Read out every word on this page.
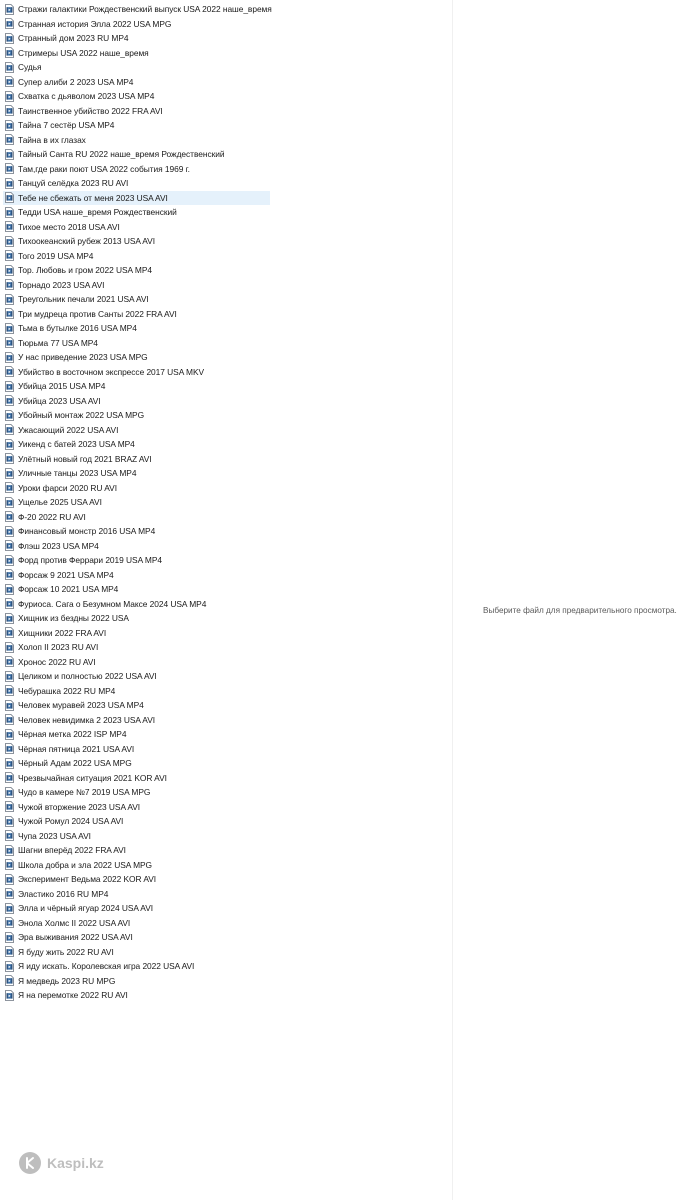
Стражи галактики Рождественский выпуск USA 2022 наше_время
Странная история Элла 2022 USA MPG
Странный дом 2023 RU MP4
Стримеры USA 2022 наше_время
Судья
Супер алиби 2 2023 USA MP4
Схватка с дьяволом 2023 USA MP4
Таинственное убийство 2022 FRA AVI
Тайна 7 сестёр USA MP4
Тайна в их глазах
Тайный Санта RU 2022 наше_время Рождественский
Там,где раки поют USA 2022 события 1969 г.
Танцуй селёдка 2023 RU AVI
Тебе не сбежать от меня 2023 USA AVI
Тедди USA наше_время Рождественский
Тихое место 2018 USA AVI
Тихоокеанский рубеж 2013 USA AVI
Того 2019 USA MP4
Тор. Любовь и гром 2022 USA MP4
Торнадо 2023 USA AVI
Треугольник печали 2021 USA AVI
Три мудреца против Санты 2022 FRA AVI
Тьма в бутылке 2016 USA MP4
Тюрьма 77 USA MP4
У нас приведение 2023 USA MPG
Убийство в восточном экспрессе 2017 USA MKV
Убийца 2015 USA MP4
Убийца 2023 USA AVI
Убойный монтаж 2022 USA MPG
Ужасающий 2022 USA AVI
Уикенд с батей 2023 USA MP4
Улётный новый год 2021 BRAZ AVI
Уличные танцы 2023 USA MP4
Уроки фарси 2020 RU AVI
Ущелье 2025 USA AVI
Ф-20 2022 RU AVI
Финансовый монстр 2016 USA MP4
Флэш 2023 USA MP4
Форд против Феррари 2019 USA MP4
Форсаж 9 2021 USA MP4
Форсаж 10 2021 USA MP4
Фуриоса. Сага о Безумном Максе 2024 USA MP4
Хищник из бездны 2022 USA
Хищники 2022 FRA AVI
Холоп II 2023 RU AVI
Хронос 2022 RU AVI
Целиком и полностью 2022 USA AVI
Чебурашка 2022 RU MP4
Человек муравей 2023 USA MP4
Человек невидимка 2 2023 USA AVI
Чёрная метка 2022 ISP MP4
Чёрная пятница 2021 USA AVI
Чёрный Адам 2022 USA MPG
Чрезвычайная ситуация 2021 KOR AVI
Чудо в камере №7 2019 USA MPG
Чужой вторжение 2023 USA AVI
Чужой Ромул 2024 USA AVI
Чупа 2023 USA AVI
Шагни вперёд 2022 FRA AVI
Школа добра и зла 2022 USA MPG
Эксперимент Ведьма 2022 KOR AVI
Эластико 2016 RU MP4
Элла и чёрный ягуар 2024 USA AVI
Энола Холмс II 2022 USA AVI
Эра выживания 2022 USA AVI
Я буду жить 2022 RU AVI
Я иду искать. Королевская игра 2022 USA AVI
Я медведь 2023 RU MPG
Я на перемотке 2022 RU AVI
Выберите файл для предварительного просмотра.
Kaspi.kz
